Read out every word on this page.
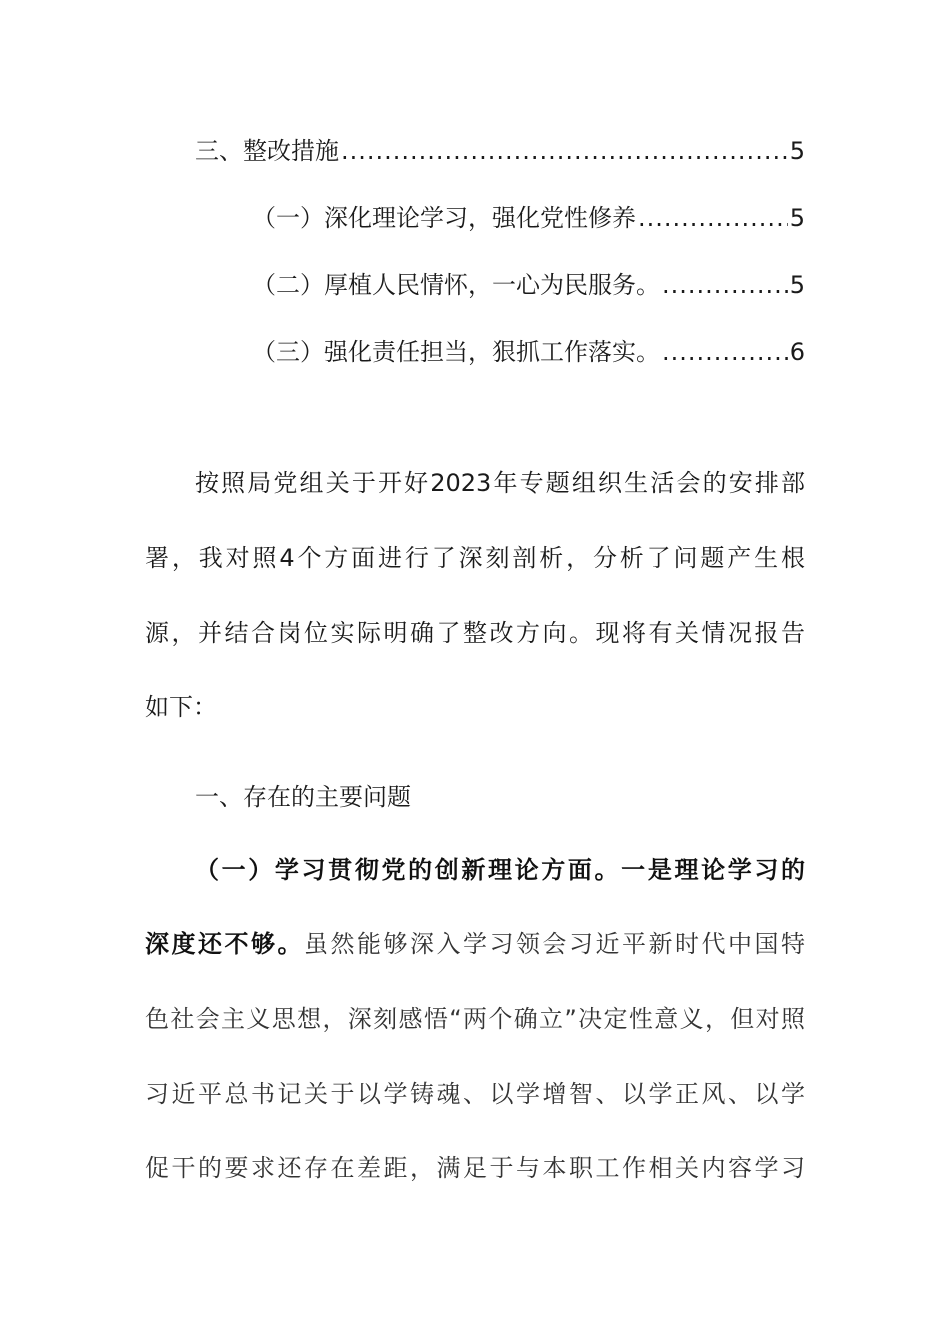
三、整改措施 .....	5
（一）深化理论学习，强化党性修养 .....	5
（二）厚植人民情怀，一心为民服务。 .....	5
（三）强化责任担当，狠抓工作落实。 .....	6
按照局党组关于开好2023年专题组织生活会的安排部
署，我对照4个方面进行了深刻剖析，分析了问题产生根
源，并结合岗位实际明确了整改方向。现将有关情况报告
如下：
一、存在的主要问题
（一）学习贯彻党的创新理论方面。一是理论学习的
深度还不够。虽然能够深入学习领会习近平新时代中国特
色社会主义思想，深刻感悟“两个确立”决定性意义，但对照
习近平总书记关于以学铸魂、以学增智、以学正风、以学
促干的要求还存在差距，满足于与本职工作相关内容学习
